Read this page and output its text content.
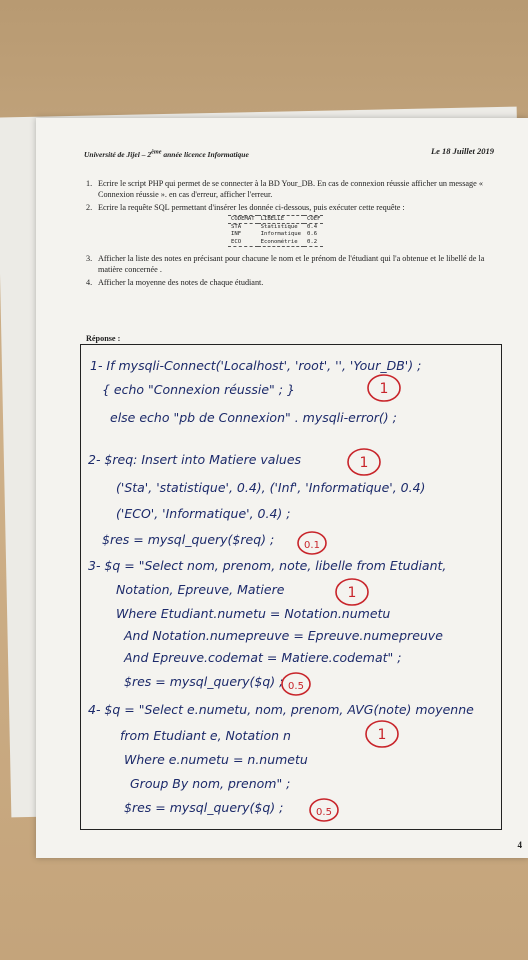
Université de Jijel – 2ème année licence Informatique	Le 18 Juillet 2019
1. Ecrire le script PHP qui permet de se connecter à la BD Your_DB. En cas de connexion réussie afficher un message « Connexion réussie ». en cas d'erreur, afficher l'erreur.
2. Ecrire la requête SQL permettant d'insérer les donnée ci-dessous, puis exécuter cette requête :
CODEMAT	LIBELLE	COEF
STA	Statistique	0.4
INF	Informatique	0.6
ECO	Econométrie	0.2
3. Afficher la liste des notes en précisant pour chacune le nom et le prénom de l'étudiant qui l'a obtenue et le libellé de la matière concernée .
4. Afficher la moyenne des notes de chaque étudiant.
Réponse :
1- If mysqli-Connect('Localhost', 'root', '', 'Your_DB') ;
{ echo "Connexion réussie" ; }
else echo "pb de Connexion" . mysqli-error() ;
2- $req: Insert into Matiere values
('Sta', 'statistique', 0.4), ('Inf', 'Informatique', 0.4)
('ECO', 'Informatique', 0.4) ;
$res = mysql_query($req) ;
3- $q = "Select nom, prenom, note, libelle from Etudiant,
Notation, Epreuve, Matiere
Where Etudiant.numetu = Notation.numetu
And Notation.numepreuve = Epreuve.numepreuve
And Epreuve.codemat = Matiere.codemat" ;
$res = mysql_query($q) ;
4- $q = "Select e.numetu, nom, prenom, AVG(note) moyenne
from Etudiant e, Notation n
Where e.numetu = n.numetu
Group By nom, prenom" ;
$res = mysql_query($q) ;
1
1
0.1
1
0.5
1
0.5
4
